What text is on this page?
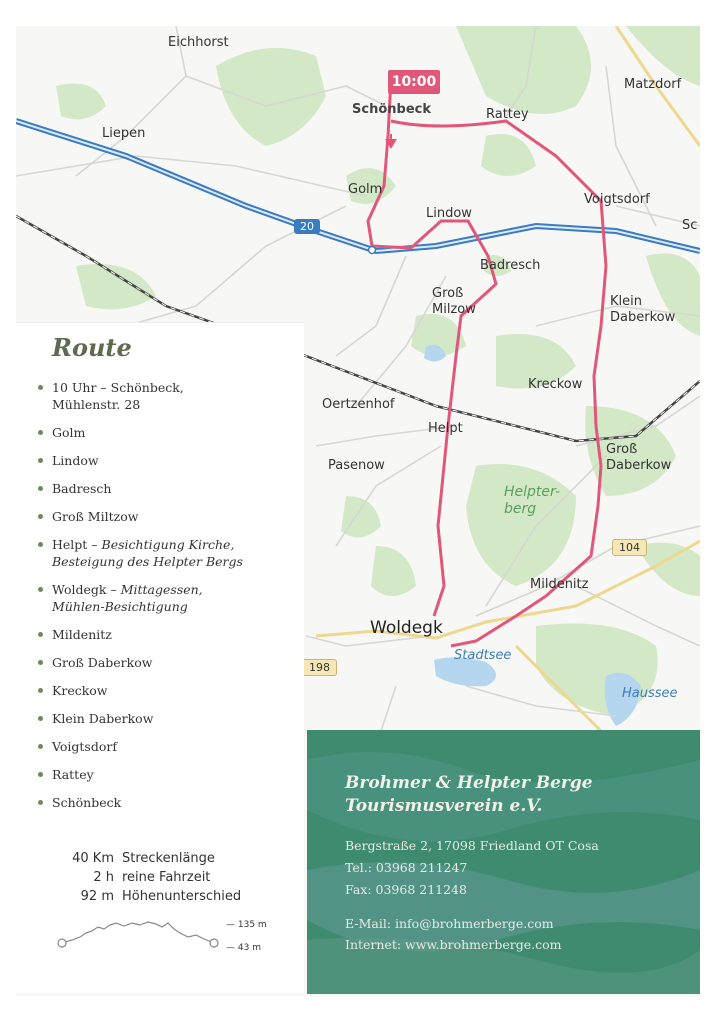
10:00
Eichhorst
Matzdorf
Liepen
Schönbeck	Rattey
Golm
Lindow
Voigtsdorf
Sc
Badresch
Groß
Milzow
Klein
Daberkow
Kreckow
Oertzenhof
Helpt
Groß
Daberkow
Pasenow
Helpter-
berg
Mildenitz
Woldegk
Stadtsee
Haussee
20
104
198
Route
10 Uhr – Schönbeck,
Mühlenstr. 28
Golm
Lindow
Badresch
Groß Miltzow
Helpt – Besichtigung Kirche,
Besteigung des Helpter Bergs
Woldegk – Mittagessen,
Mühlen-Besichtigung
Mildenitz
Groß Daberkow
Kreckow
Klein Daberkow
Voigtsdorf
Rattey
Schönbeck
40 Km Streckenlänge
2 h reine Fahrzeit
92 m Höhenunterschied
— 135 m
— 43 m
Brohmer & Helpter Berge
Tourismusverein e.V.
Bergstraße 2, 17098 Friedland OT Cosa
Tel.: 03968 211247
Fax: 03968 211248
E-Mail: info@brohmerberge.com
Internet: www.brohmerberge.com
